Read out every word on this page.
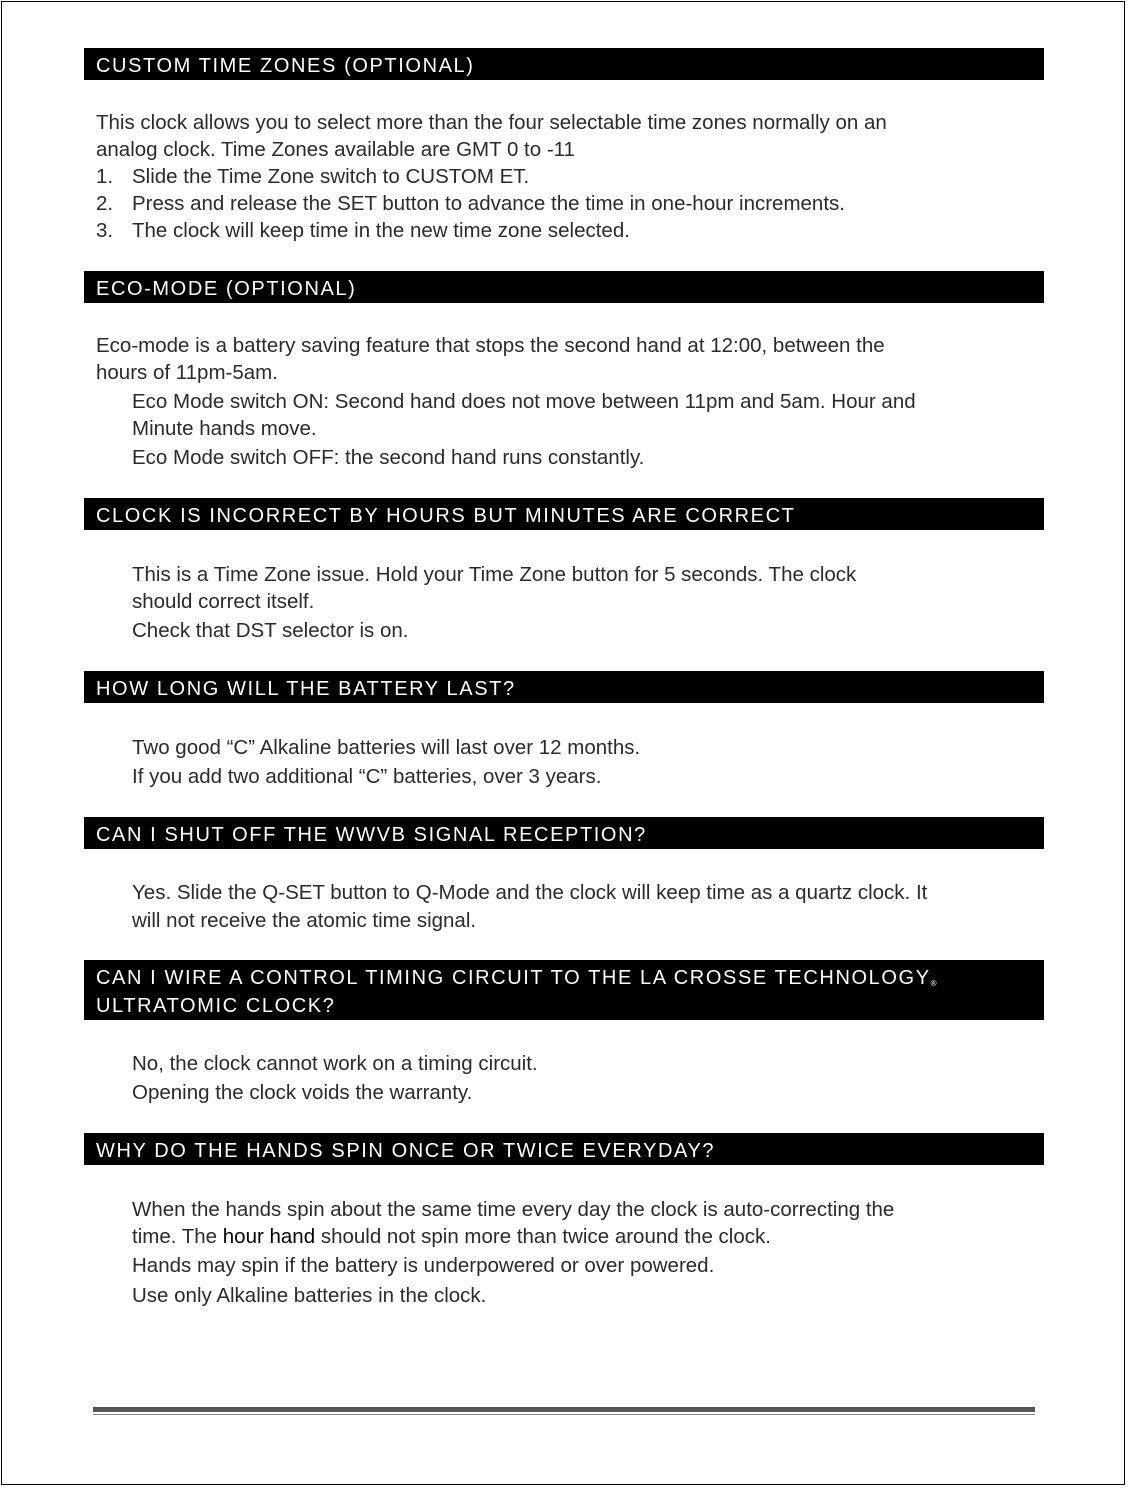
CUSTOM TIME ZONES (OPTIONAL)
This clock allows you to select more than the four selectable time zones normally on an
analog clock. Time Zones available are GMT 0 to -11
1. Slide the Time Zone switch to CUSTOM ET.
2. Press and release the SET button to advance the time in one-hour increments.
3. The clock will keep time in the new time zone selected.
ECO-MODE (OPTIONAL)
Eco-mode is a battery saving feature that stops the second hand at 12:00, between the
hours of 11pm-5am.
Eco Mode switch ON: Second hand does not move between 11pm and 5am. Hour and
Minute hands move.
Eco Mode switch OFF: the second hand runs constantly.
CLOCK IS INCORRECT BY HOURS BUT MINUTES ARE CORRECT
This is a Time Zone issue. Hold your Time Zone button for 5 seconds. The clock
should correct itself.
Check that DST selector is on.
HOW LONG WILL THE BATTERY LAST?
Two good “C” Alkaline batteries will last over 12 months.
If you add two additional “C” batteries, over 3 years.
CAN I SHUT OFF THE WWVB SIGNAL RECEPTION?
Yes. Slide the Q-SET button to Q-Mode and the clock will keep time as a quartz clock. It
will not receive the atomic time signal.
CAN I WIRE A CONTROL TIMING CIRCUIT TO THE LA CROSSE TECHNOLOGY®
ULTRATOMIC CLOCK?
No, the clock cannot work on a timing circuit.
Opening the clock voids the warranty.
WHY DO THE HANDS SPIN ONCE OR TWICE EVERYDAY?
When the hands spin about the same time every day the clock is auto-correcting the
time. The hour hand should not spin more than twice around the clock.
Hands may spin if the battery is underpowered or over powered.
Use only Alkaline batteries in the clock.
